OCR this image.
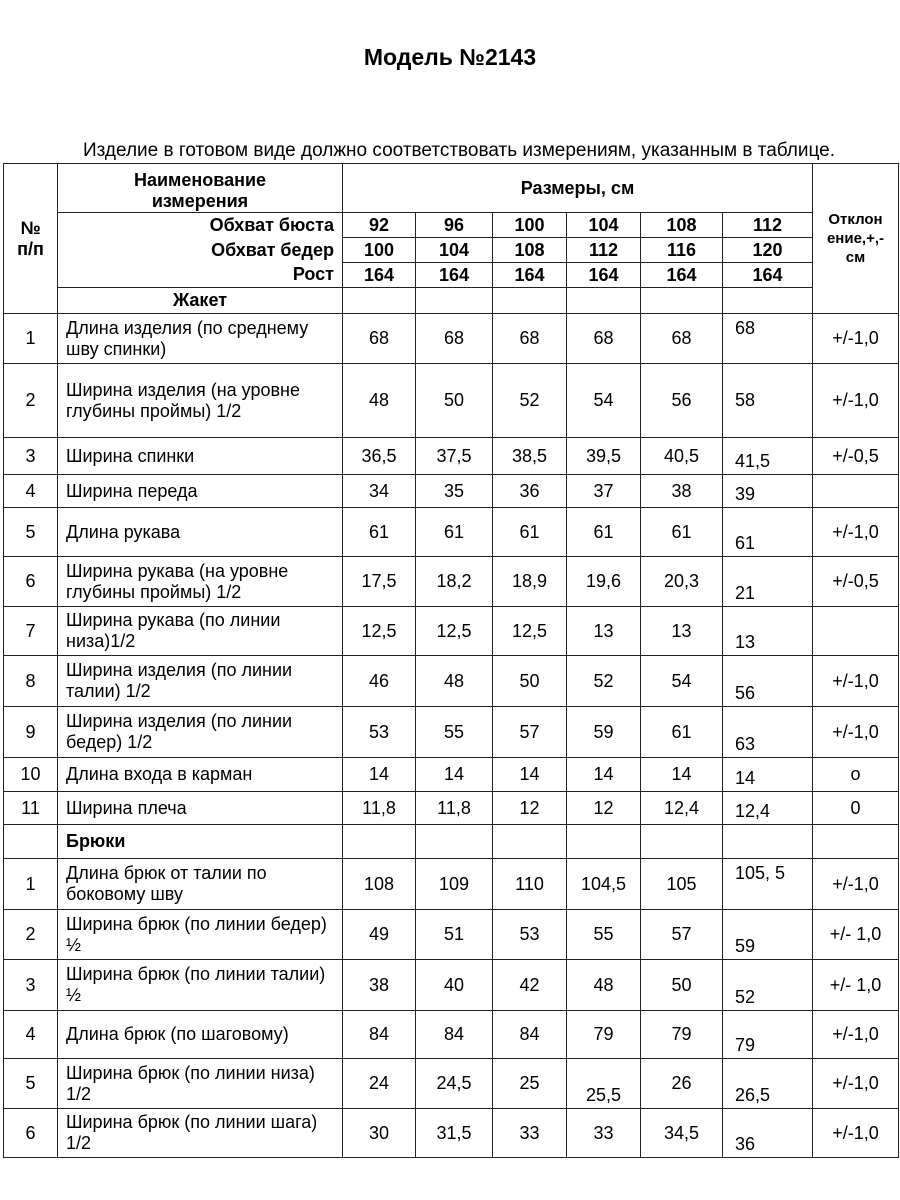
Модель №2143
Изделие в готовом виде должно соответствовать измерениям, указанным в таблице.
№ п/п	Наименование измерения	Размеры, см						Отклон ение,+,- см
	Обхват бюста	92	96	100	104	108	112	
	Обхват бедер	100	104	108	112	116	120	
	Рост	164	164	164	164	164	164	
	Жакет							
1	Длина изделия (по среднему шву спинки)	68	68	68	68	68	68	+/-1,0
2	Ширина изделия (на уровне глубины проймы) 1/2	48	50	52	54	56	58	+/-1,0
3	Ширина спинки	36,5	37,5	38,5	39,5	40,5	41,5	+/-0,5
4	Ширина переда	34	35	36	37	38	39	
5	Длина рукава	61	61	61	61	61	61	+/-1,0
6	Ширина рукава (на уровне глубины проймы) 1/2	17,5	18,2	18,9	19,6	20,3	21	+/-0,5
7	Ширина рукава (по линии низа)1/2	12,5	12,5	12,5	13	13	13	
8	Ширина изделия (по линии талии) 1/2	46	48	50	52	54	56	+/-1,0
9	Ширина изделия (по линии бедер) 1/2	53	55	57	59	61	63	+/-1,0
10	Длина входа в карман	14	14	14	14	14	14	о
11	Ширина плеча	11,8	11,8	12	12	12,4	12,4	0
	Брюки							
1	Длина брюк от талии по боковому шву	108	109	110	104,5	105	105, 5	+/-1,0
2	Ширина брюк (по линии бедер) ½	49	51	53	55	57	59	+/- 1,0
3	Ширина брюк (по линии талии) ½	38	40	42	48	50	52	+/- 1,0
4	Длина брюк (по шаговому)	84	84	84	79	79	79	+/-1,0
5	Ширина брюк (по линии низа) 1/2	24	24,5	25	25,5	26	26,5	+/-1,0
6	Ширина брюк (по линии шага) 1/2	30	31,5	33	33	34,5	36	+/-1,0
